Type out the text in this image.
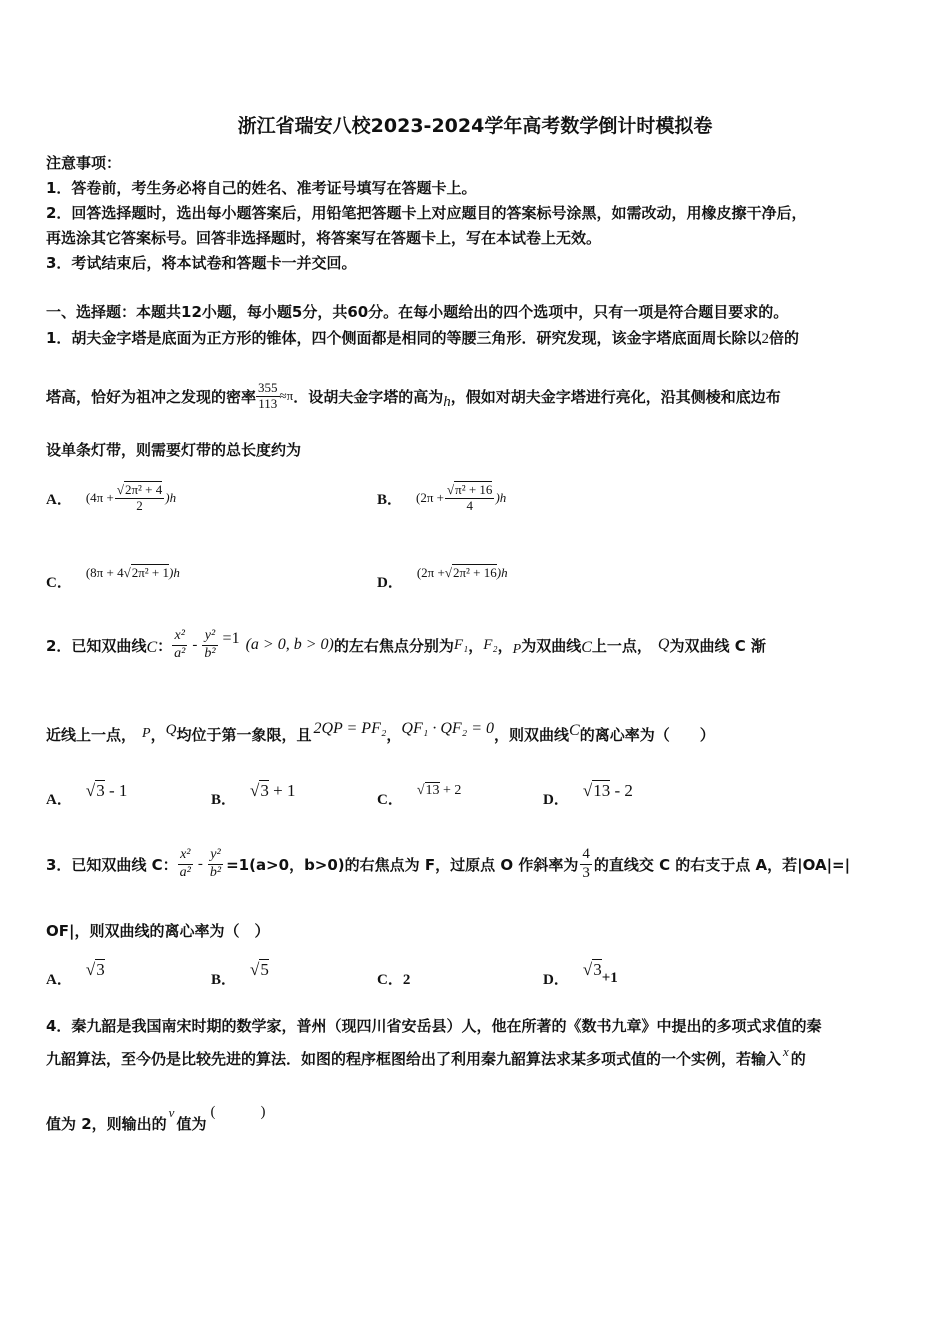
浙江省瑞安八校2023-2024学年高考数学倒计时模拟卷
注意事项：
1．答卷前，考生务必将自己的姓名、准考证号填写在答题卡上。
2．回答选择题时，选出每小题答案后，用铅笔把答题卡上对应题目的答案标号涂黑，如需改动，用橡皮擦干净后，
再选涂其它答案标号。回答非选择题时，将答案写在答题卡上，写在本试卷上无效。
3．考试结束后，将本试卷和答题卡一并交回。
一、选择题：本题共12小题，每小题5分，共60分。在每小题给出的四个选项中，只有一项是符合题目要求的。
1．胡夫金字塔是底面为正方形的锥体，四个侧面都是相同的等腰三角形．研究发现，该金字塔底面周长除以2倍的
塔高，恰好为祖冲之发现的密率 $\frac{355}{113} \approx\pi$ ．设胡夫金字塔的高为 h ，假如对胡夫金字塔进行亮化，沿其侧棱和底边布
设单条灯带，则需要灯带的总长度约为
A． $(4\pi + \frac{\text{√2π² + 4}}{2} )h$	B． $(2\pi + \frac{\text{√π² + 16}}{4} )h$
C．
(8π + 4 √2π² + 1 )h
D．
(2π + √2π² + 16 )h
2．已知双曲线 C ： $\frac{\text{x²}}{\text{a²}} - \frac{\text{y²}}{\text{b²}} =1$ (a > 0, b > 0) 的左右焦点分别为 F₁ ， F₂ ， P 为双曲线 C 上一点， Q 为双曲线 C 渐
近线上一点， P ， Q 均位于第一象限，且 2QP = PF₂ ， QF₁ · QF₂ = 0 ，则双曲线 C 的离心率为（　　）
A． √3 - 1	B． √3 + 1	C．
√13 + 2
D． √13 - 2
3．已知双曲线 C： $\frac{\text{x²}}{\text{a²}} - \frac{\text{y²}}{\text{b²}} =1(a>0$，b>0)的右焦点为 F，过原点 O 作斜率为 $\frac{4}{3}$ 的直线交 C 的右支于点 A，若|OA|=|
OF|，则双曲线的离心率为（　）
A．
√3
B．
√5
C．2	D．
√3 +1
4．秦九韶是我国南宋时期的数学家，普州（现四川省安岳县）人，他在所著的《数书九章》中提出的多项式求值的秦
九韶算法，至今仍是比较先进的算法．如图的程序框图给出了利用秦九韶算法求某多项式值的一个实例，若输入 x 的
值为 2，则输出的
v
值为
(　　　)
